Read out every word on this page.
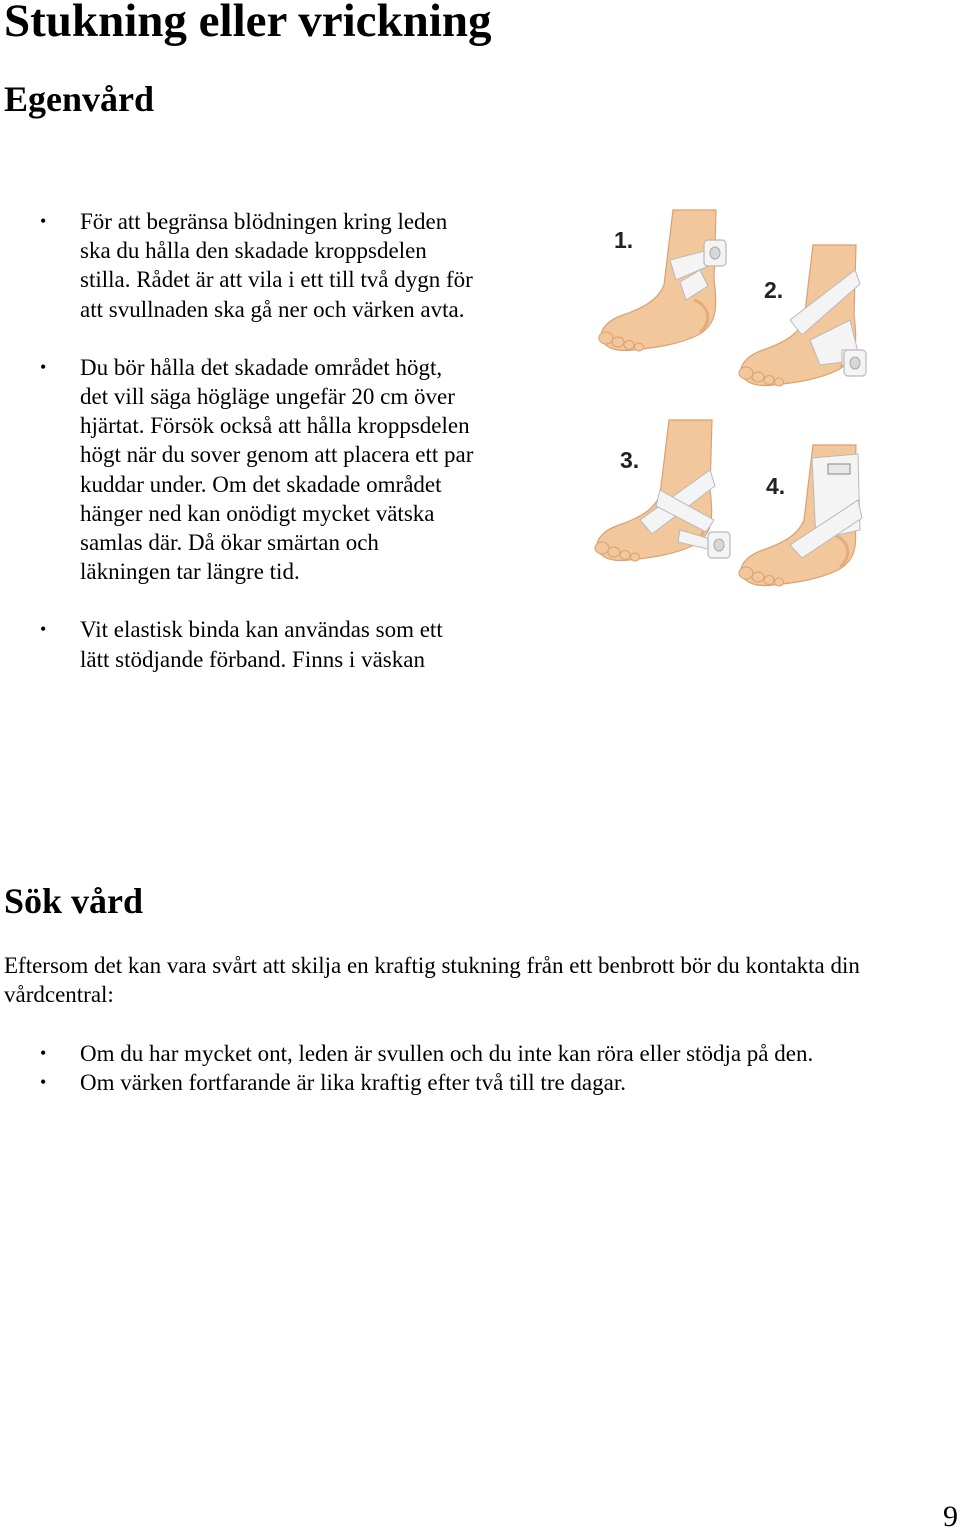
Stukning eller vrickning
Egenvård
• För att begränsa blödningen kring leden ska du hålla den skadade kroppsdelen stilla. Rådet är att vila i ett till två dygn för att svullnaden ska gå ner och värken avta.
• Du bör hålla det skadade området högt, det vill säga högläge ungefär 20 cm över hjärtat. Försök också att hålla kroppsdelen högt när du sover genom att placera ett par kuddar under. Om det skadade området hänger ned kan onödigt mycket vätska samlas där. Då ökar smärtan och läkningen tar längre tid.
• Vit elastisk binda kan användas som ett lätt stödjande förband. Finns i väskan
1.
2.
3.
4.
Sök vård

Eftersom det kan vara svårt att skilja en kraftig stukning från ett benbrott bör du kontakta din vårdcentral:

• Om du har mycket ont, leden är svullen och du inte kan röra eller stödja på den.
• Om värken fortfarande är lika kraftig efter två till tre dagar.
9
